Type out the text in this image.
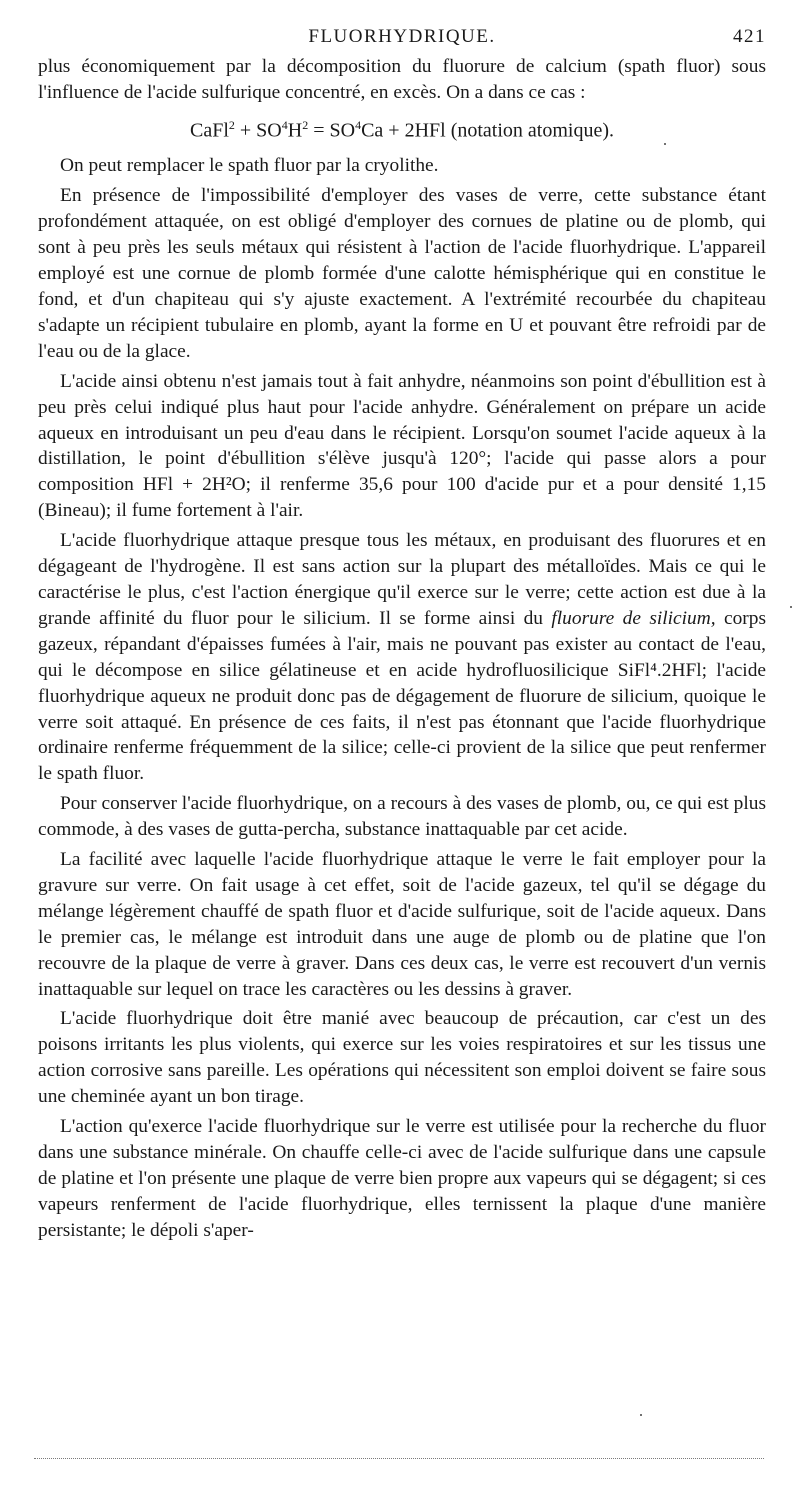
FLUORHYDRIQUE.	421

plus économiquement par la décomposition du fluorure de calcium (spath fluor) sous l'influence de l'acide sulfurique concentré, en excès. On a dans ce cas :

CaFl$^2$ + $SO^4H^2 = SO^4Ca + 2HFl$ (notation atomique).

On peut remplacer le spath fluor par la cryolithe.

En présence de l'impossibilité d'employer des vases de verre, cette substance étant profondément attaquée, on est obligé d'employer des cornues de platine ou de plomb, qui sont à peu près les seuls métaux qui résistent à l'action de l'acide fluorhydrique. L'appareil employé est une cornue de plomb formée d'une calotte hémisphérique qui en constitue le fond, et d'un chapiteau qui s'y ajuste exactement. A l'extrémité recourbée du chapiteau s'adapte un récipient tubulaire en plomb, ayant la forme en U et pouvant être refroidi par de l'eau ou de la glace.

L'acide ainsi obtenu n'est jamais tout à fait anhydre, néanmoins son point d'ébullition est à peu près celui indiqué plus haut pour l'acide anhydre. Généralement on prépare un acide aqueux en introduisant un peu d'eau dans le récipient. Lorsqu'on soumet l'acide aqueux à la distillation, le point d'ébullition s'élève jusqu'à 120°; l'acide qui passe alors a pour composition HFl + 2H²O; il renferme 35,6 pour 100 d'acide pur et a pour densité 1,15 (Bineau); il fume fortement à l'air.

L'acide fluorhydrique attaque presque tous les métaux, en produisant des fluorures et en dégageant de l'hydrogène. Il est sans action sur la plupart des métalloïdes. Mais ce qui le caractérise le plus, c'est l'action énergique qu'il exerce sur le verre; cette action est due à la grande affinité du fluor pour le silicium. Il se forme ainsi du fluorure de silicium, corps gazeux, répandant d'épaisses fumées à l'air, mais ne pouvant pas exister au contact de l'eau, qui le décompose en silice gélatineuse et en acide hydrofluosilicique SiFl⁴.2HFl; l'acide fluorhydrique aqueux ne produit donc pas de dégagement de fluorure de silicium, quoique le verre soit attaqué. En présence de ces faits, il n'est pas étonnant que l'acide fluorhydrique ordinaire renferme fréquemment de la silice; celle-ci provient de la silice que peut renfermer le spath fluor.

Pour conserver l'acide fluorhydrique, on a recours à des vases de plomb, ou, ce qui est plus commode, à des vases de gutta-percha, substance inattaquable par cet acide.

La facilité avec laquelle l'acide fluorhydrique attaque le verre le fait employer pour la gravure sur verre. On fait usage à cet effet, soit de l'acide gazeux, tel qu'il se dégage du mélange légèrement chauffé de spath fluor et d'acide sulfurique, soit de l'acide aqueux. Dans le premier cas, le mélange est introduit dans une auge de plomb ou de platine que l'on recouvre de la plaque de verre à graver. Dans ces deux cas, le verre est recouvert d'un vernis inattaquable sur lequel on trace les caractères ou les dessins à graver.

L'acide fluorhydrique doit être manié avec beaucoup de précaution, car c'est un des poisons irritants les plus violents, qui exerce sur les voies respiratoires et sur les tissus une action corrosive sans pareille. Les opérations qui nécessitent son emploi doivent se faire sous une cheminée ayant un bon tirage.

L'action qu'exerce l'acide fluorhydrique sur le verre est utilisée pour la recherche du fluor dans une substance minérale. On chauffe celle-ci avec de l'acide sulfurique dans une capsule de platine et l'on présente une plaque de verre bien propre aux vapeurs qui se dégagent; si ces vapeurs renferment de l'acide fluorhydrique, elles ternissent la plaque d'une manière persistante; le dépoli s'aper-
